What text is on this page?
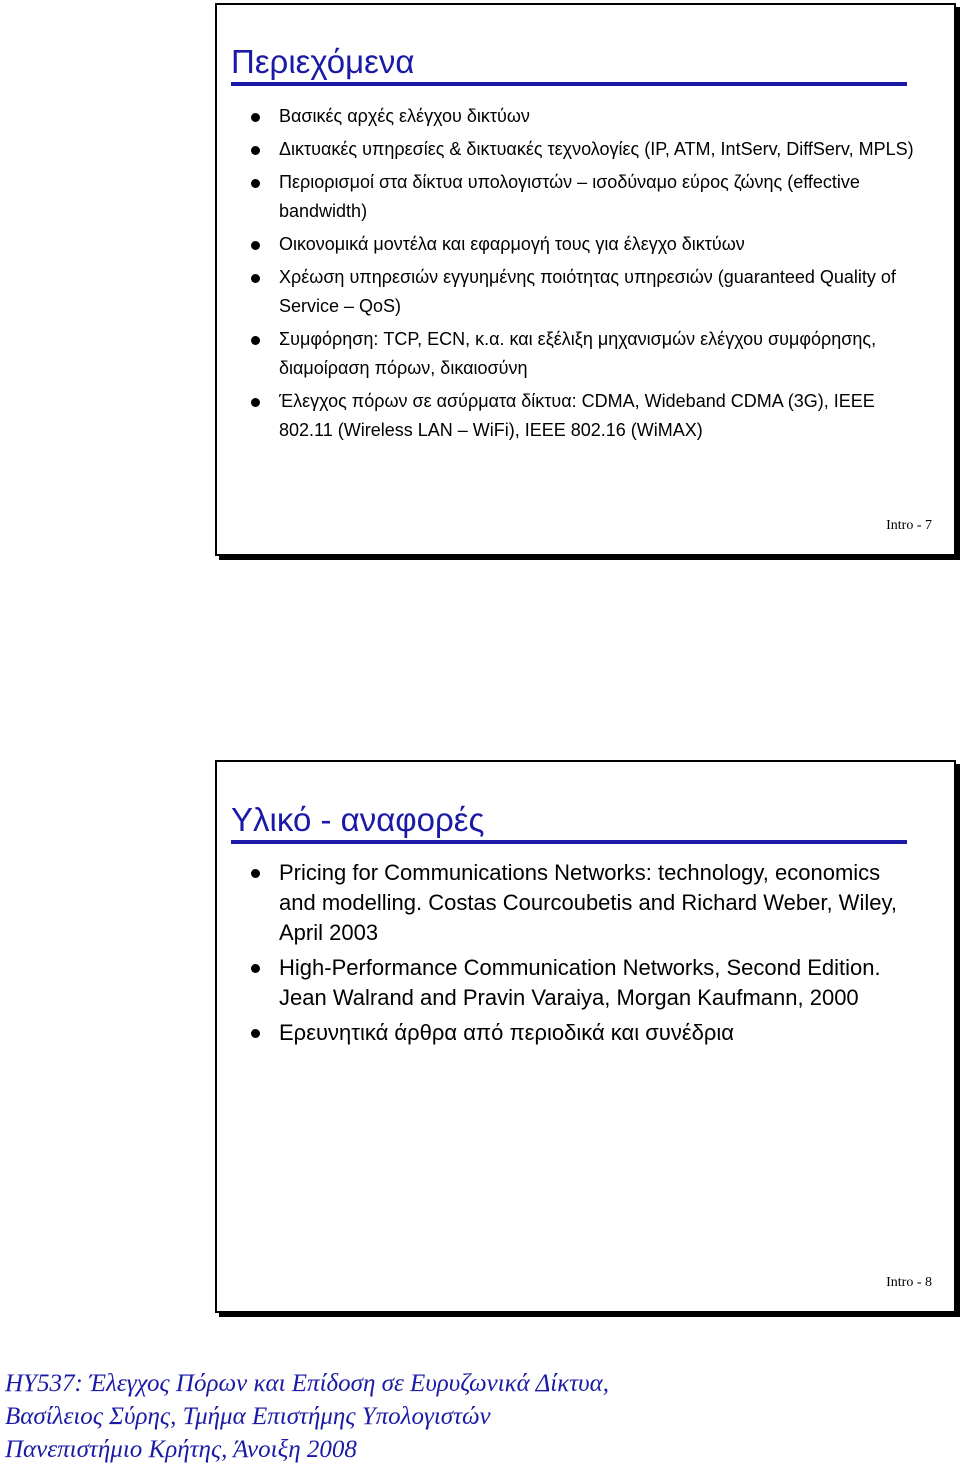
Περιεχόμενα
Βασικές αρχές ελέγχου δικτύων
Δικτυακές υπηρεσίες & δικτυακές τεχνολογίες (IP, ATM, IntServ, DiffServ, MPLS)
Περιορισμοί στα δίκτυα υπολογιστών – ισοδύναμο εύρος ζώνης (effective bandwidth)
Οικονομικά μοντέλα και εφαρμογή τους για έλεγχο δικτύων
Χρέωση υπηρεσιών εγγυημένης ποιότητας υπηρεσιών (guaranteed Quality of Service – QoS)
Συμφόρηση: TCP, ECN, κ.α. και εξέλιξη μηχανισμών ελέγχου συμφόρησης, διαμοίραση πόρων, δικαιοσύνη
Έλεγχος πόρων σε ασύρματα δίκτυα: CDMA, Wideband CDMA (3G), IEEE 802.11 (Wireless LAN – WiFi), IEEE 802.16 (WiMAX)
Intro - 7
Υλικό - αναφορές
Pricing for Communications Networks: technology, economics and modelling. Costas Courcoubetis and Richard Weber, Wiley, April 2003
High-Performance Communication Networks, Second Edition. Jean Walrand and Pravin Varaiya, Morgan Kaufmann, 2000
Ερευνητικά άρθρα από περιοδικά και συνέδρια
Intro - 8
ΗΥ537: Έλεγχος Πόρων και Επίδοση σε Ευρυζωνικά Δίκτυα,
Βασίλειος Σύρης, Τμήμα Επιστήμης Υπολογιστών
Πανεπιστήμιο Κρήτης, Άνοιξη 2008
